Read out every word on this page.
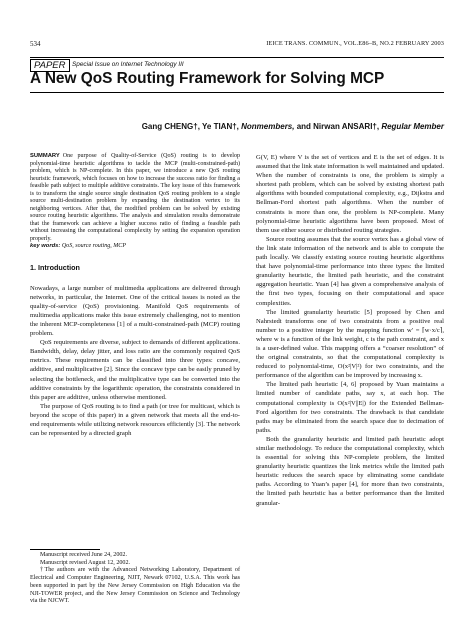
534	IEICE TRANS. COMMUN., VOL.E86–B, NO.2 FEBRUARY 2003
PAPER	Special Issue on Internet Technology III
A New QoS Routing Framework for Solving MCP
Gang CHENG†, Ye TIAN†, Nonmembers, and Nirwan ANSARI†, Regular Member
SUMMARY One purpose of Quality-of-Service (QoS) routing is to develop polynomial-time heuristic algorithms to tackle the MCP (multi-constrained-path) problem, which is NP-complete. In this paper, we introduce a new QoS routing heuristic framework, which focuses on how to increase the success ratio for finding a feasible path subject to multiple additive constraints. The key issue of this framework is to transform the single source single destination QoS routing problem to a single source multi-destination problem by expanding the destination vertex to its neighboring vertices. After that, the modified problem can be solved by existing source routing heuristic algorithms. The analysis and simulation results demonstrate that the framework can achieve a higher success ratio of finding a feasible path without increasing the computational complexity by setting the expansion operation properly.
key words: QoS, source routing, MCP
1. Introduction

Nowadays, a large number of multimedia applications are delivered through networks, in particular, the Internet. One of the critical issues is noted as the quality-of-service (QoS) provisioning. Manifold QoS requirements of multimedia applications make this issue extremely challenging, not to mention the inherent MCP-completeness [1] of a multi-constrained-path (MCP) routing problem.

QoS requirements are diverse, subject to demands of different applications. Bandwidth, delay, delay jitter, and loss ratio are the commonly required QoS metrics. These requirements can be classified into three types: concave, additive, and multiplicative [2]. Since the concave type can be easily pruned by selecting the bottleneck, and the multiplicative type can be converted into the additive constraints by the logarithmic operation, the constraints considered in this paper are additive, unless otherwise mentioned.

The purpose of QoS routing is to find a path (or tree for multicast, which is beyond the scope of this paper) in a given network that meets all the end-to-end requirements while utilizing network resources efficiently [3]. The network can be represented by a directed graph

Manuscript received June 24, 2002.
Manuscript revised August 12, 2002.
†The authors are with the Advanced Networking Laboratory, Department of Electrical and Computer Engineering, NJIT, Newark 07102, U.S.A. This work has been supported in part by the New Jersey Commission on High Education via the NJI-TOWER project, and the New Jersey Commission on Science and Technology via the NJCWT.

G(V, E) where V is the set of vertices and E is the set of edges. It is assumed that the link state information is well maintained and updated. When the number of constraints is one, the problem is simply a shortest path problem, which can be solved by existing shortest path algorithms with bounded computational complexity, e.g., Dijkstra and Bellman-Ford shortest path algorithms. When the number of constraints is more than one, the problem is NP-complete. Many polynomial-time heuristic algorithms have been proposed. Most of them use either source or distributed routing strategies.

Source routing assumes that the source vertex has a global view of the link state information of the network and is able to compute the path locally. We classify existing source routing heuristic algorithms that have polynomial-time performance into three types: the limited granularity heuristic, the limited path heuristic, and the constraint aggregation heuristic. Yuan [4] has given a comprehensive analysis of the first two types, focusing on their computational and space complexities.

The limited granularity heuristic [5] proposed by Chen and Nahrstedt transforms one of two constraints from a positive real number to a positive integer by the mapping function w′ = ⌈w·x/c⌉, where w is a function of the link weight, c is the path constraint, and x is a user-defined value. This mapping offers a “coarser resolution” of the original constraints, so that the computational complexity is reduced to polynomial-time, O(x²|V|²) for two constraints, and the performance of the algorithm can be improved by increasing x.

The limited path heuristic [4, 6] proposed by Yuan maintains a limited number of candidate paths, say x, at each hop. The computational complexity is O(x²|V||E|) for the Extended Bellman-Ford algorithm for two constraints. The drawback is that candidate paths may be eliminated from the search space due to decimation of paths.

Both the granularity heuristic and limited path heuristic adopt similar methodology. To reduce the computational complexity, which is essential for solving this NP-complete problem, the limited granularity heuristic quantizes the link metrics while the limited path heuristic reduces the search space by eliminating some candidate paths. According to Yuan’s paper [4], for more than two constraints, the limited path heuristic has a better performance than the limited granular-
